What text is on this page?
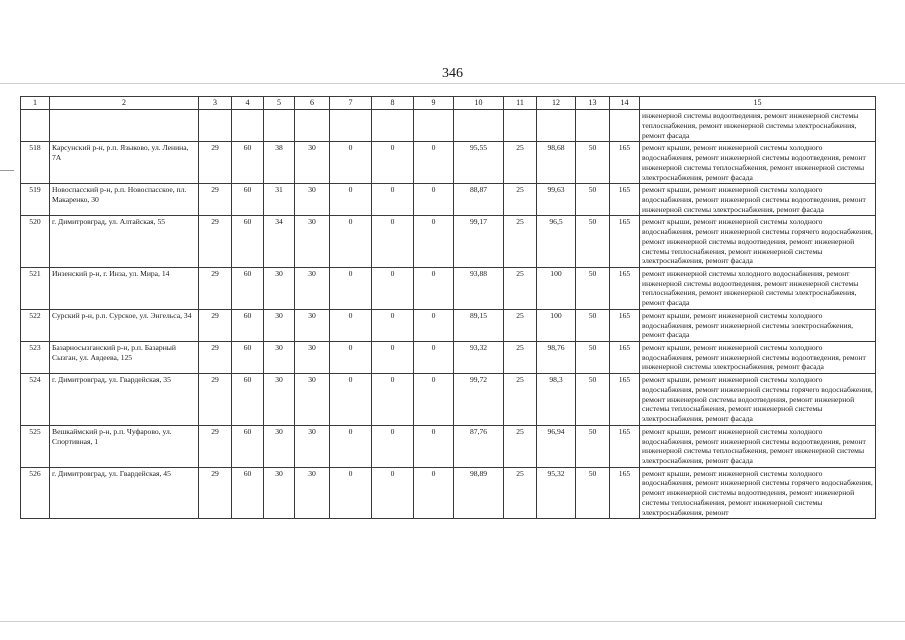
346
1	2	3	4	5	6	7	8	9	10	11	12	13	14	15
														инженерной системы водоотведения, ремонт инженерной системы теплоснабжения, ремонт инженерной системы электроснабжения, ремонт фасада
518	Карсунский р-н, р.п. Языково, ул. Ленина, 7А	29	60	38	30	0	0	0	95,55	25	98,68	50	165	ремонт крыши, ремонт инженерной системы холодного водоснабжения, ремонт инженерной системы водоотведения, ремонт инженерной системы теплоснабжения, ремонт инженерной системы электроснабжения, ремонт фасада
519	Новоспасский р-н, р.п. Новоспасское, пл. Макаренко, 30	29	60	31	30	0	0	0	88,87	25	99,63	50	165	ремонт крыши, ремонт инженерной системы холодного водоснабжения, ремонт инженерной системы водоотведения, ремонт инженерной системы электроснабжения, ремонт фасада
520	г. Димитровград, ул. Алтайская, 55	29	60	34	30	0	0	0	99,17	25	96,5	50	165	ремонт крыши, ремонт инженерной системы холодного водоснабжения, ремонт инженерной системы горячего водоснабжения, ремонт инженерной системы водоотведения, ремонт инженерной системы теплоснабжения, ремонт инженерной системы электроснабжения, ремонт фасада
521	Инзенский р-н, г. Инза, ул. Мира, 14	29	60	30	30	0	0	0	93,88	25	100	50	165	ремонт инженерной системы холодного водоснабжения, ремонт инженерной системы водоотведения, ремонт инженерной системы теплоснабжения, ремонт инженерной системы электроснабжения, ремонт фасада
522	Сурский р-н, р.п. Сурское, ул. Энгельса, 34	29	60	30	30	0	0	0	89,15	25	100	50	165	ремонт крыши, ремонт инженерной системы холодного водоснабжения, ремонт инженерной системы электроснабжения, ремонт фасада
523	Базарносызганский р-н, р.п. Базарный Сызган, ул. Авдеева, 125	29	60	30	30	0	0	0	93,32	25	98,76	50	165	ремонт крыши, ремонт инженерной системы холодного водоснабжения, ремонт инженерной системы водоотведения, ремонт инженерной системы электроснабжения, ремонт фасада
524	г. Димитровград, ул. Гвардейская, 35	29	60	30	30	0	0	0	99,72	25	98,3	50	165	ремонт крыши, ремонт инженерной системы холодного водоснабжения, ремонт инженерной системы горячего водоснабжения, ремонт инженерной системы водоотведения, ремонт инженерной системы теплоснабжения, ремонт инженерной системы электроснабжения, ремонт фасада
525	Вешкаймский р-н, р.п. Чуфарово, ул. Спортивная, 1	29	60	30	30	0	0	0	87,76	25	96,94	50	165	ремонт крыши, ремонт инженерной системы холодного водоснабжения, ремонт инженерной системы водоотведения, ремонт инженерной системы теплоснабжения, ремонт инженерной системы электроснабжения, ремонт фасада
526	г. Димитровград, ул. Гвардейская, 45	29	60	30	30	0	0	0	98,89	25	95,32	50	165	ремонт крыши, ремонт инженерной системы холодного водоснабжения, ремонт инженерной системы горячего водоснабжения, ремонт инженерной системы водоотведения, ремонт инженерной системы теплоснабжения, ремонт инженерной системы электроснабжения, ремонт
